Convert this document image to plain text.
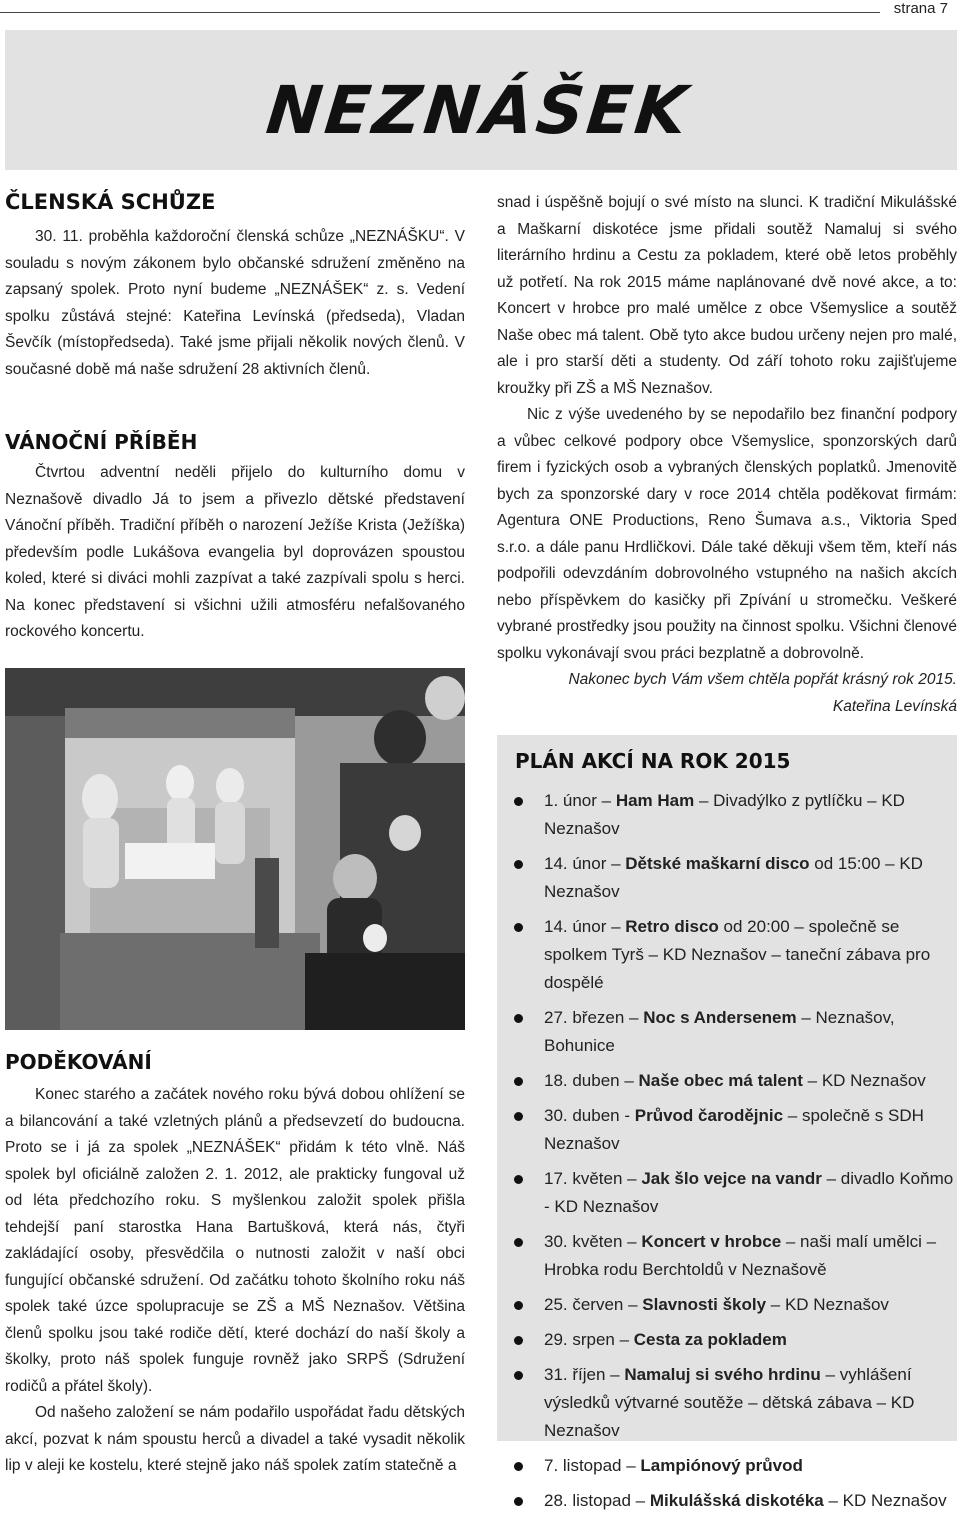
strana 7
NEZNÁŠEK
ČLENSKÁ SCHŮZE

30. 11. proběhla každoroční členská schůze „NEZNÁŠKU“. V souladu s novým zákonem bylo občanské sdružení změněno na zapsaný spolek. Proto nyní budeme „NEZNÁŠEK“ z. s. Vedení spolku zůstává stejné: Kateřina Levínská (předseda), Vladan Ševčík (místopředseda). Také jsme přijali několik nových členů. V současné době má naše sdružení 28 aktivních členů.

VÁNOČNÍ PŘÍBĚH

Čtvrtou adventní neděli přijelo do kulturního domu v Neznašově divadlo Já to jsem a přivezlo dětské představení Vánoční příběh. Tradiční příběh o narození Ježíše Krista (Ježíška) především podle Lukášova evangelia byl doprovázen spoustou koled, které si diváci mohli zazpívat a také zazpívali spolu s herci. Na konec představení si všichni užili atmosféru nefalšovaného rockového koncertu.

PODĚKOVÁNÍ

Konec starého a začátek nového roku bývá dobou ohlížení se a bilancování a také vzletných plánů a předsevzetí do budoucna. Proto se i já za spolek „NEZNÁŠEK“ přidám k této vlně. Náš spolek byl oficiálně založen 2. 1. 2012, ale prakticky fungoval už od léta předchozího roku. S myšlenkou založit spolek přišla tehdejší paní starostka Hana Bartušková, která nás, čtyři zakládající osoby, přesvědčila o nutnosti založit v naší obci fungující občanské sdružení. Od začátku tohoto školního roku náš spolek také úzce spolupracuje se ZŠ a MŠ Neznašov. Většina členů spolku jsou také rodiče dětí, které dochází do naší školy a školky, proto náš spolek funguje rovněž jako SRPŠ (Sdružení rodičů a přátel školy).

Od našeho založení se nám podařilo uspořádat řadu dětských akcí, pozvat k nám spoustu herců a divadel a také vysadit několik lip v aleji ke kostelu, které stejně jako náš spolek zatím statečně a

snad i úspěšně bojují o své místo na slunci. K tradiční Mikulášské a Maškarní diskotéce jsme přidali soutěž Namaluj si svého literárního hrdinu a Cestu za pokladem, které obě letos proběhly už potřetí. Na rok 2015 máme naplánované dvě nové akce, a to: Koncert v hrobce pro malé umělce z obce Všemyslice a soutěž Naše obec má talent. Obě tyto akce budou určeny nejen pro malé, ale i pro starší děti a studenty. Od září tohoto roku zajišťujeme kroužky při ZŠ a MŠ Neznašov.

Nic z výše uvedeného by se nepodařilo bez finanční podpory a vůbec celkové podpory obce Všemyslice, sponzorských darů firem i fyzických osob a vybraných členských poplatků. Jmenovitě bych za sponzorské dary v roce 2014 chtěla poděkovat firmám: Agentura ONE Productions, Reno Šumava a.s., Viktoria Sped s.r.o. a dále panu Hrdličkovi. Dále také děkuji všem těm, kteří nás podpořili odevzdáním dobrovolného vstupného na našich akcích nebo příspěvkem do kasičky při Zpívání u stromečku. Veškeré vybrané prostředky jsou použity na činnost spolku. Všichni členové spolku vykonávají svou práci bezplatně a dobrovolně.

Nakonec bych Vám všem chtěla popřát krásný rok 2015.

Kateřina Levínská

PLÁN AKCÍ NA ROK 2015
1. únor – Ham Ham – Divadýlko z pytlíčku – KD Neznašov
14. únor – Dětské maškarní disco od 15:00 – KD Neznašov
14. únor – Retro disco od 20:00 – společně se spolkem Tyrš – KD Neznašov – taneční zábava pro dospělé
27. březen – Noc s Andersenem – Neznašov, Bohunice
18. duben – Naše obec má talent – KD Neznašov
30. duben - Průvod čarodějnic – společně s SDH Neznašov
17. květen – Jak šlo vejce na vandr – divadlo Koňmo - KD Neznašov
30. květen – Koncert v hrobce – naši malí umělci – Hrobka rodu Berchtoldů v Neznašově
25. červen – Slavnosti školy – KD Neznašov
29. srpen – Cesta za pokladem
31. říjen – Namaluj si svého hrdinu – vyhlášení výsledků výtvarné soutěže – dětská zábava – KD Neznašov
7. listopad – Lampiónový průvod
28. listopad – Mikulášská diskotéka – KD Neznašov
